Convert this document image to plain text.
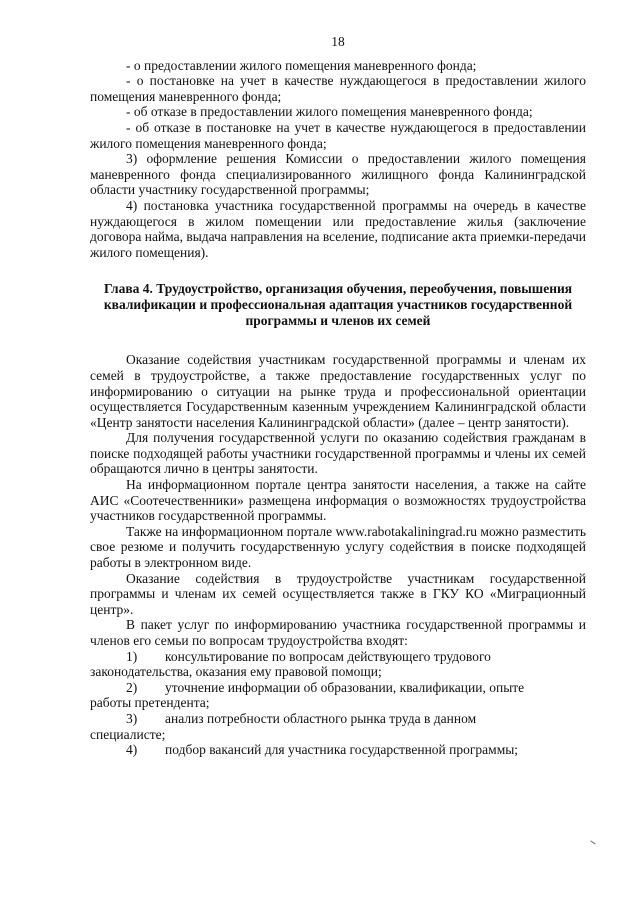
18

- о предоставлении жилого помещения маневренного фонда;

- о постановке на учет в качестве нуждающегося в предоставлении жилого помещения маневренного фонда;

- об отказе в предоставлении жилого помещения маневренного фонда;

- об отказе в постановке на учет в качестве нуждающегося в предоставлении жилого помещения маневренного фонда;

3) оформление решения Комиссии о предоставлении жилого помещения маневренного фонда специализированного жилищного фонда Калининградской области участнику государственной программы;

4) постановка участника государственной программы на очередь в качестве нуждающегося в жилом помещении или предоставление жилья (заключение договора найма, выдача направления на вселение, подписание акта приемки-передачи жилого помещения).

Глава 4. Трудоустройство, организация обучения, переобучения, повышения квалификации и профессиональная адаптация участников государственной программы и членов их семей

Оказание содействия участникам государственной программы и членам их семей в трудоустройстве, а также предоставление государственных услуг по информированию о ситуации на рынке труда и профессиональной ориентации осуществляется Государственным казенным учреждением Калининградской области «Центр занятости населения Калининградской области» (далее – центр занятости).

Для получения государственной услуги по оказанию содействия гражданам в поиске подходящей работы участники государственной программы и члены их семей обращаются лично в центры занятости.

На информационном портале центра занятости населения, а также на сайте АИС «Соотечественники» размещена информация о возможностях трудоустройства участников государственной программы.

Также на информационном портале www.rabotakaliningrad.ru можно разместить свое резюме и получить государственную услугу содействия в поиске подходящей работы в электронном виде.

Оказание содействия в трудоустройстве участникам государственной программы и членам их семей осуществляется также в ГКУ КО «Миграционный центр».

В пакет услуг по информированию участника государственной программы и членов его семьи по вопросам трудоустройства входят:

1)	консультирование по вопросам действующего трудового
законодательства, оказания ему правовой помощи;
2)	уточнение информации об образовании, квалификации, опыте
работы претендента;
3)	анализ потребности областного рынка труда в данном
специалисте;
4)	подбор вакансий для участника государственной программы;
